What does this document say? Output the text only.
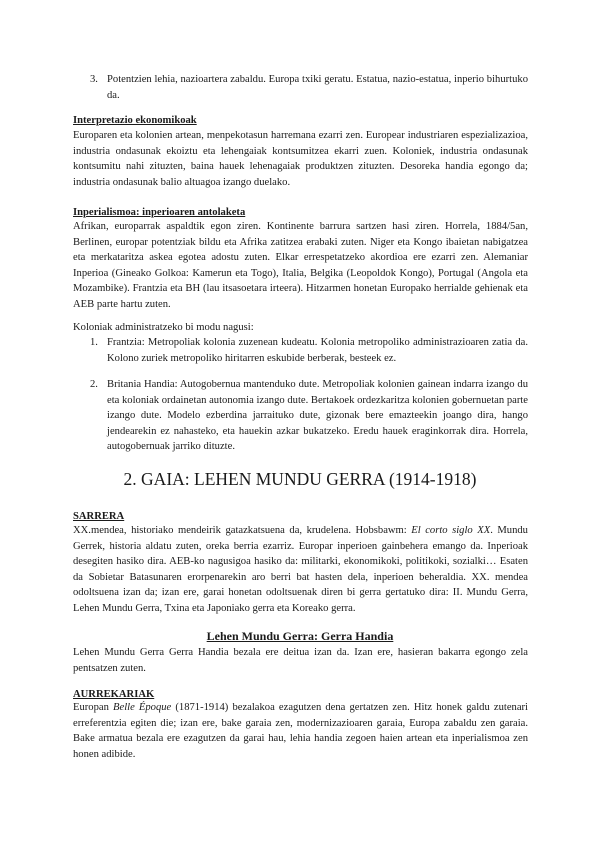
3. Potentzien lehia, nazioartera zabaldu. Europa txiki geratu. Estatua, nazio-estatua, inperio bihurtuko da.
Interpretazio ekonomikoak
Europaren eta kolonien artean, menpekotasun harremana ezarri zen. Europear industriaren espezializazioa, industria ondasunak ekoiztu eta lehengaiak kontsumitzea ekarri zuen. Koloniek, industria ondasunak kontsumitu nahi zituzten, baina hauek lehenagaiak produktzen zituzten. Desoreka handia egongo da; industria ondasunak balio altuagoa izango duelako.
Inperialismoa: inperioaren antolaketa
Afrikan, europarrak aspaldtik egon ziren. Kontinente barrura sartzen hasi ziren. Horrela, 1884/5an, Berlinen, europar potentziak bildu eta Afrika zatitzea erabaki zuten. Niger eta Kongo ibaietan nabigatzea eta merkataritza askea egotea adostu zuten. Elkar errespetatzeko akordioa ere ezarri zen. Alemaniar Inperioa (Gineako Golkoa: Kamerun eta Togo), Italia, Belgika (Leopoldok Kongo), Portugal (Angola eta Mozambike). Frantzia eta BH (lau itsasoetara irteera). Hitzarmen honetan Europako herrialde gehienak eta AEB parte hartu zuten.
Koloniak administratzeko bi modu nagusi:
1. Frantzia: Metropoliak kolonia zuzenean kudeatu. Kolonia metropoliko administrazioaren zatia da. Kolono zuriek metropoliko hiritarren eskubide berberak, besteek ez.
2. Britania Handia: Autogobernua mantenduko dute. Metropoliak kolonien gainean indarra izango du eta koloniak ordainetan autonomia izango dute. Bertakoek ordezkaritza kolonien gobernuetan parte izango dute. Modelo ezberdina jarraituko dute, gizonak bere emazteekin joango dira, hango jendearekin ez nahasteko, eta hauekin azkar bukatzeko. Eredu hauek eraginkorrak dira. Horrela, autogobernuak jarriko dituzte.
2. GAIA: LEHEN MUNDU GERRA (1914-1918)
SARRERA
XX.mendea, historiako mendeirik gatazkatsuena da, krudelena. Hobsbawm: El corto siglo XX. Mundu Gerrek, historia aldatu zuten, oreka berria ezarriz. Europar inperioen gainbehera emango da. Inperioak desegiten hasiko dira. AEB-ko nagusigoa hasiko da: militarki, ekonomikoki, politikoki, sozialki… Esaten da Sobietar Batasunaren erorpenarekin aro berri bat hasten dela, inperioen beheraldia. XX. mendea odoltsuena izan da; izan ere, garai honetan odoltsuenak diren bi gerra gertatuko dira: II. Mundu Gerra, Lehen Mundu Gerra, Txina eta Japoniako gerra eta Koreako gerra.
Lehen Mundu Gerra: Gerra Handia
Lehen Mundu Gerra Gerra Handia bezala ere deitua izan da. Izan ere, hasieran bakarra egongo zela pentsatzen zuten.
AURREKARIAK
Europan Belle Époque (1871-1914) bezalakoa ezagutzen dena gertatzen zen. Hitz honek galdu zutenari erreferentzia egiten die; izan ere, bake garaia zen, modernizazioaren garaia, Europa zabaldu zen garaia. Bake armatua bezala ere ezagutzen da garai hau, lehia handia zegoen haien artean eta inperialismoa zen honen adibide.
